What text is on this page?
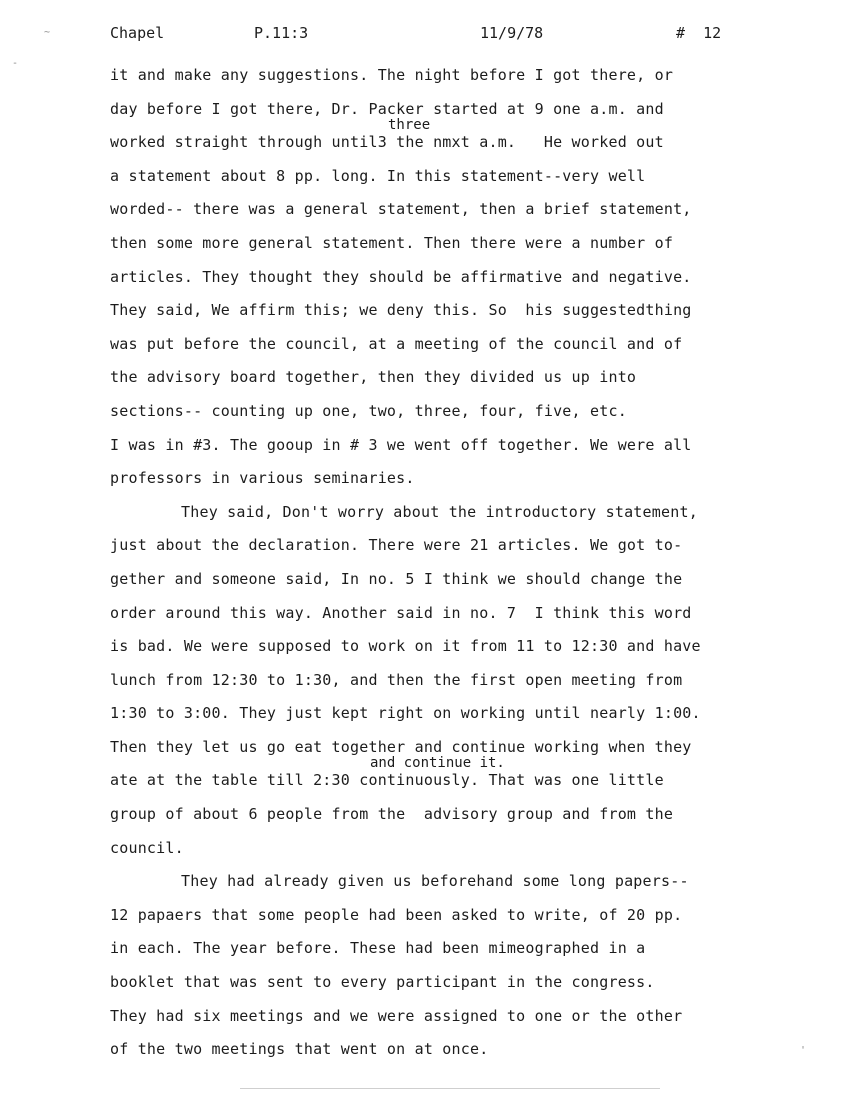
Chapel	P.11:3	11/9/78	#  12
~
-
'
it and make any suggestions. The night before I got there, or
day before I got there, Dr. Packer started at 9 one a.m. and
worked straight through until3 the nmxt a.m.   He worked out
a statement about 8 pp. long. In this statement--very well
worded-- there was a general statement, then a brief statement,
then some more general statement. Then there were a number of
articles. They thought they should be affirmative and negative.
They said, We affirm this; we deny this. So  his suggestedthing
was put before the council, at a meeting of the council and of
the advisory board together, then they divided us up into
sections-- counting up one, two, three, four, five, etc.
I was in #3. The gooup in # 3 we went off together. We were all
professors in various seminaries.
They said, Don't worry about the introductory statement,
just about the declaration. There were 21 articles. We got to-
gether and someone said, In no. 5 I think we should change the
order around this way. Another said in no. 7  I think this word
is bad. We were supposed to work on it from 11 to 12:30 and have
lunch from 12:30 to 1:30, and then the first open meeting from
1:30 to 3:00. They just kept right on working until nearly 1:00.
Then they let us go eat together and continue working when they
ate at the table till 2:30 continuously. That was one little
group of about 6 people from the  advisory group and from the
council.
They had already given us beforehand some long papers--
12 papaers that some people had been asked to write, of 20 pp.
in each. The year before. These had been mimeographed in a
booklet that was sent to every participant in the congress.
They had six meetings and we were assigned to one or the other
of the two meetings that went on at once.
three
and continue it.
